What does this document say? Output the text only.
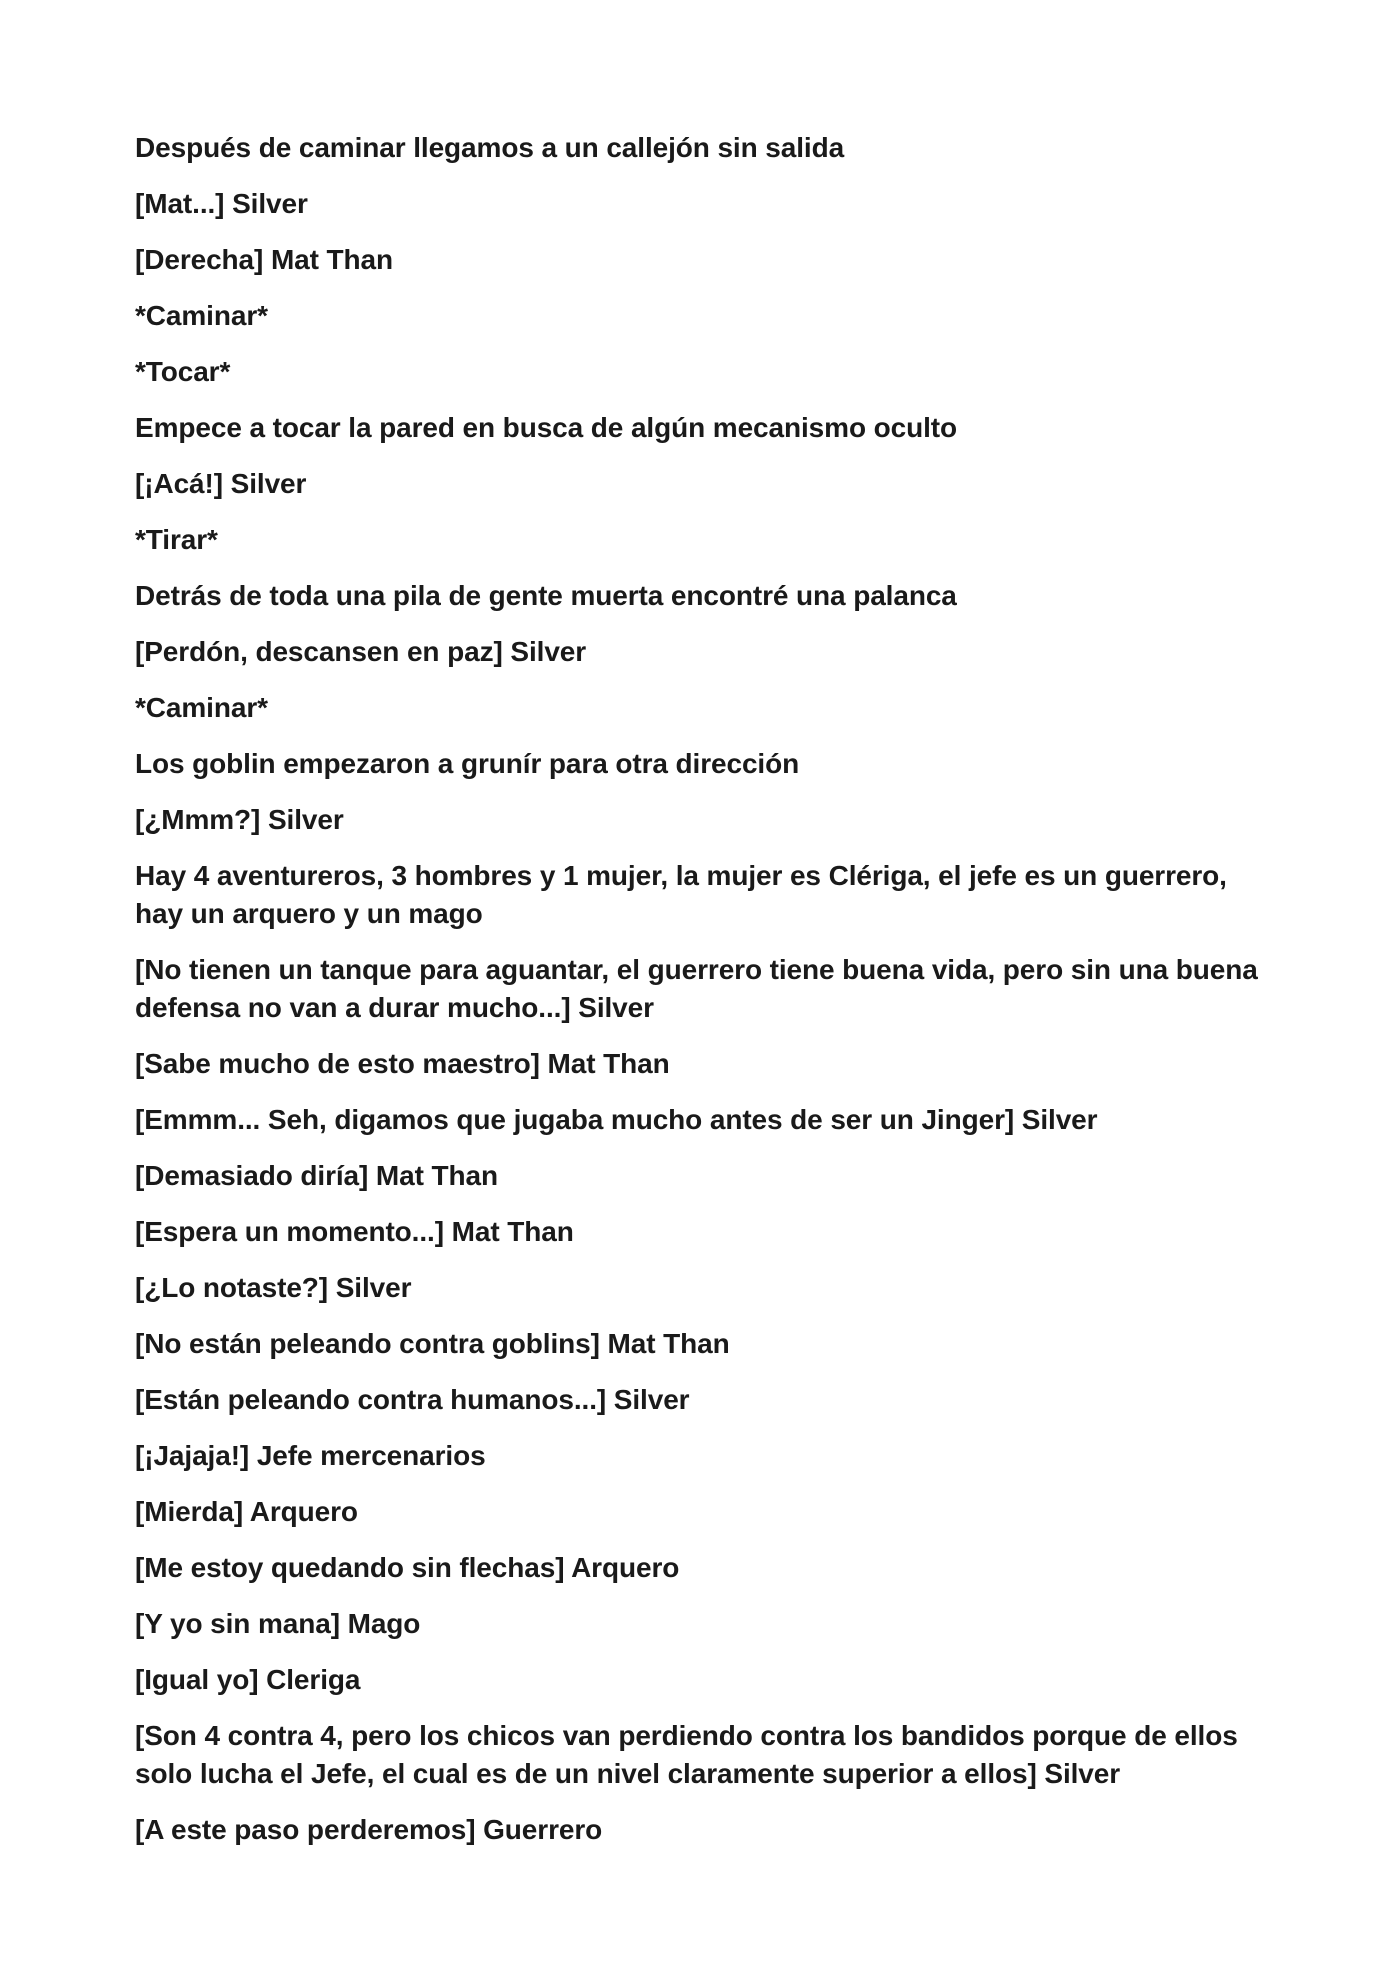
Después de caminar llegamos a un callejón sin salida

[Mat...] Silver

[Derecha] Mat Than

*Caminar*

*Tocar*

Empece a tocar la pared en busca de algún mecanismo oculto

[¡Acá!] Silver

*Tirar*

Detrás de toda una pila de gente muerta encontré una palanca

[Perdón, descansen en paz] Silver

*Caminar*

Los goblin empezaron a grunír para otra dirección

[¿Mmm?] Silver

Hay 4 aventureros, 3 hombres y 1 mujer, la mujer es Clériga, el jefe es un guerrero, hay un arquero y un mago

[No tienen un tanque para aguantar, el guerrero tiene buena vida, pero sin una buena defensa no van a durar mucho...] Silver

[Sabe mucho de esto maestro] Mat Than

[Emmm... Seh, digamos que jugaba mucho antes de ser un Jinger] Silver

[Demasiado diría] Mat Than

[Espera un momento...] Mat Than

[¿Lo notaste?] Silver

[No están peleando contra goblins] Mat Than

[Están peleando contra humanos...] Silver

[¡Jajaja!] Jefe mercenarios

[Mierda] Arquero

[Me estoy quedando sin flechas] Arquero

[Y yo sin mana] Mago

[Igual yo] Cleriga

[Son 4 contra 4, pero los chicos van perdiendo contra los bandidos porque de ellos solo lucha el Jefe, el cual es de un nivel claramente superior a ellos] Silver

[A este paso perderemos] Guerrero
